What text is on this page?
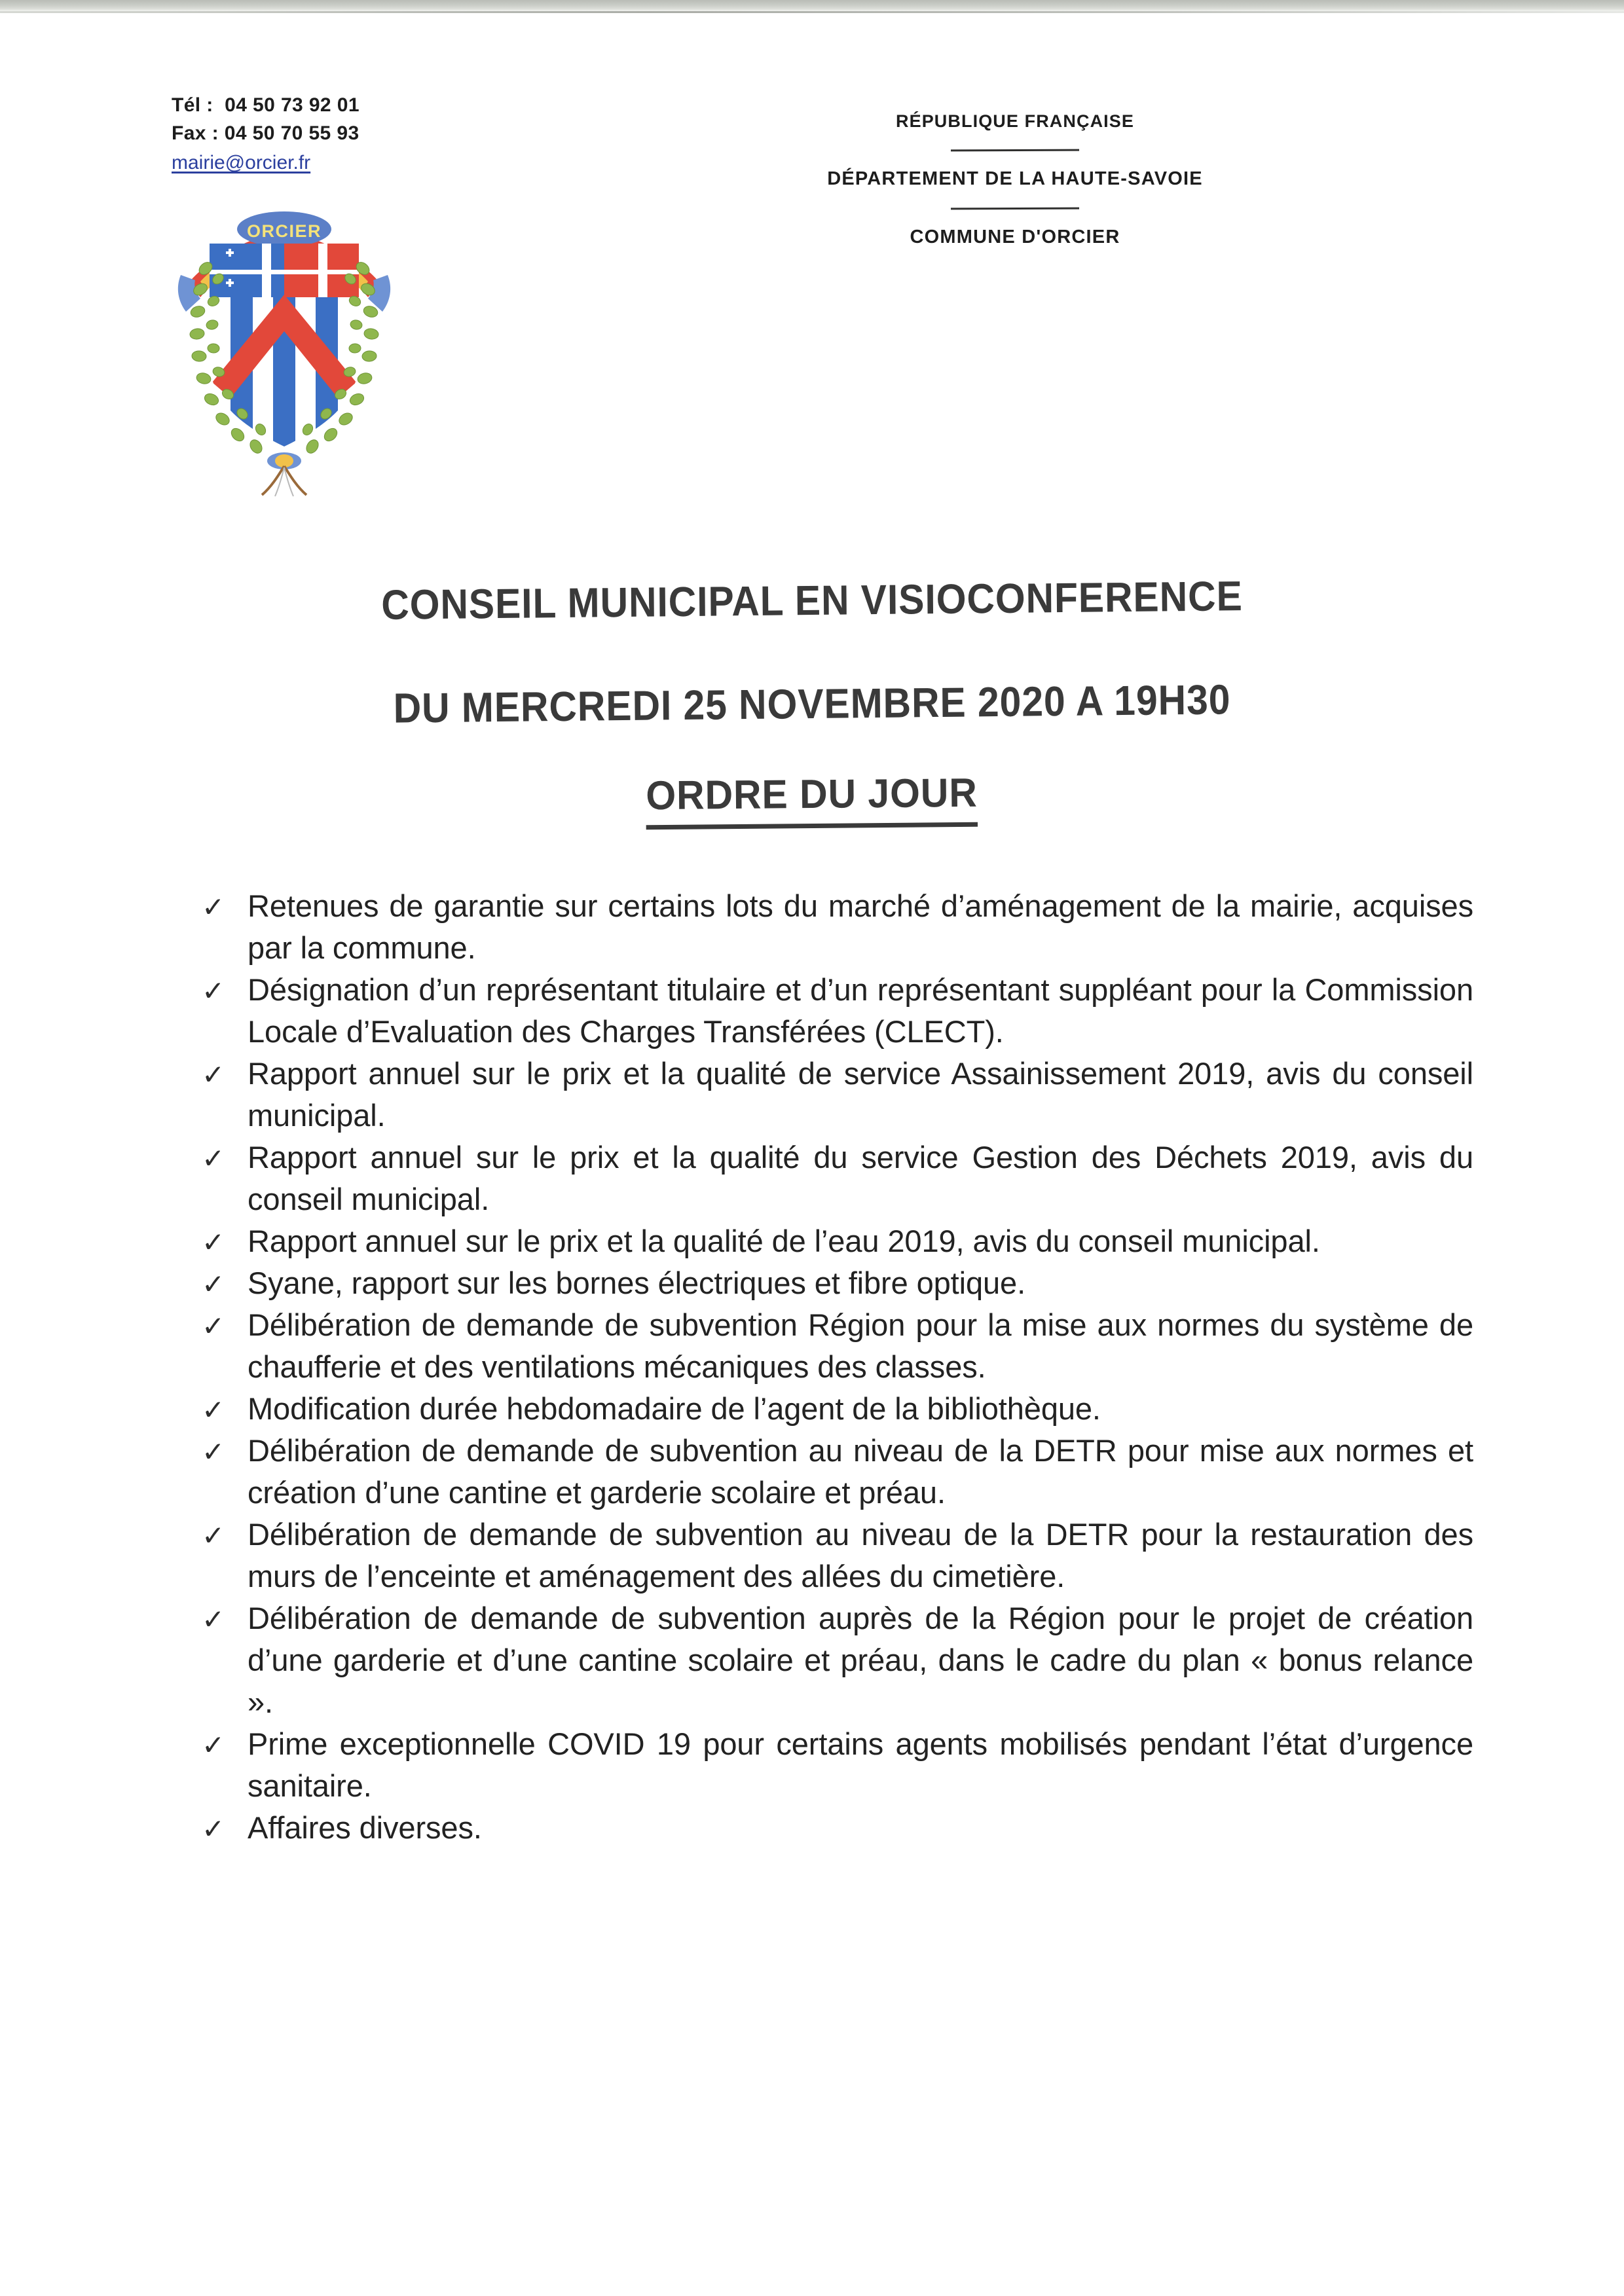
Tél :  04 50 73 92 01
Fax : 04 50 70 55 93
mairie@orcier.fr
RÉPUBLIQUE FRANÇAISE
DÉPARTEMENT DE LA HAUTE-SAVOIE
COMMUNE D'ORCIER
ORCIER
CONSEIL MUNICIPAL EN VISIOCONFERENCE
DU MERCREDI 25 NOVEMBRE 2020 A 19H30
ORDRE DU JOUR
✓ Retenues de garantie sur certains lots du marché d’aménagement de la mairie, acquises par la commune.
✓ Désignation d’un représentant titulaire et d’un représentant suppléant pour la Commission Locale d’Evaluation des Charges Transférées (CLECT).
✓ Rapport annuel sur le prix et la qualité de service Assainissement 2019, avis du conseil municipal.
✓ Rapport annuel sur le prix et la qualité du service Gestion des Déchets 2019, avis du conseil municipal.
✓ Rapport annuel sur le prix et la qualité de l’eau 2019, avis du conseil municipal.
✓ Syane, rapport sur les bornes électriques et fibre optique.
✓ Délibération de demande de subvention Région pour la mise aux normes du système de chaufferie et des ventilations mécaniques des classes.
✓ Modification durée hebdomadaire de l’agent de la bibliothèque.
✓ Délibération de demande de subvention au niveau de la DETR pour mise aux normes et création d’une cantine et garderie scolaire et préau.
✓ Délibération de demande de subvention au niveau de la DETR pour la restauration des murs de l’enceinte et aménagement des allées du cimetière.
✓ Délibération de demande de subvention auprès de la Région pour le projet de création d’une garderie et d’une cantine scolaire et préau, dans le cadre du plan « bonus relance ».
✓ Prime exceptionnelle COVID 19 pour certains agents mobilisés pendant l’état d’urgence sanitaire.
✓ Affaires diverses.
